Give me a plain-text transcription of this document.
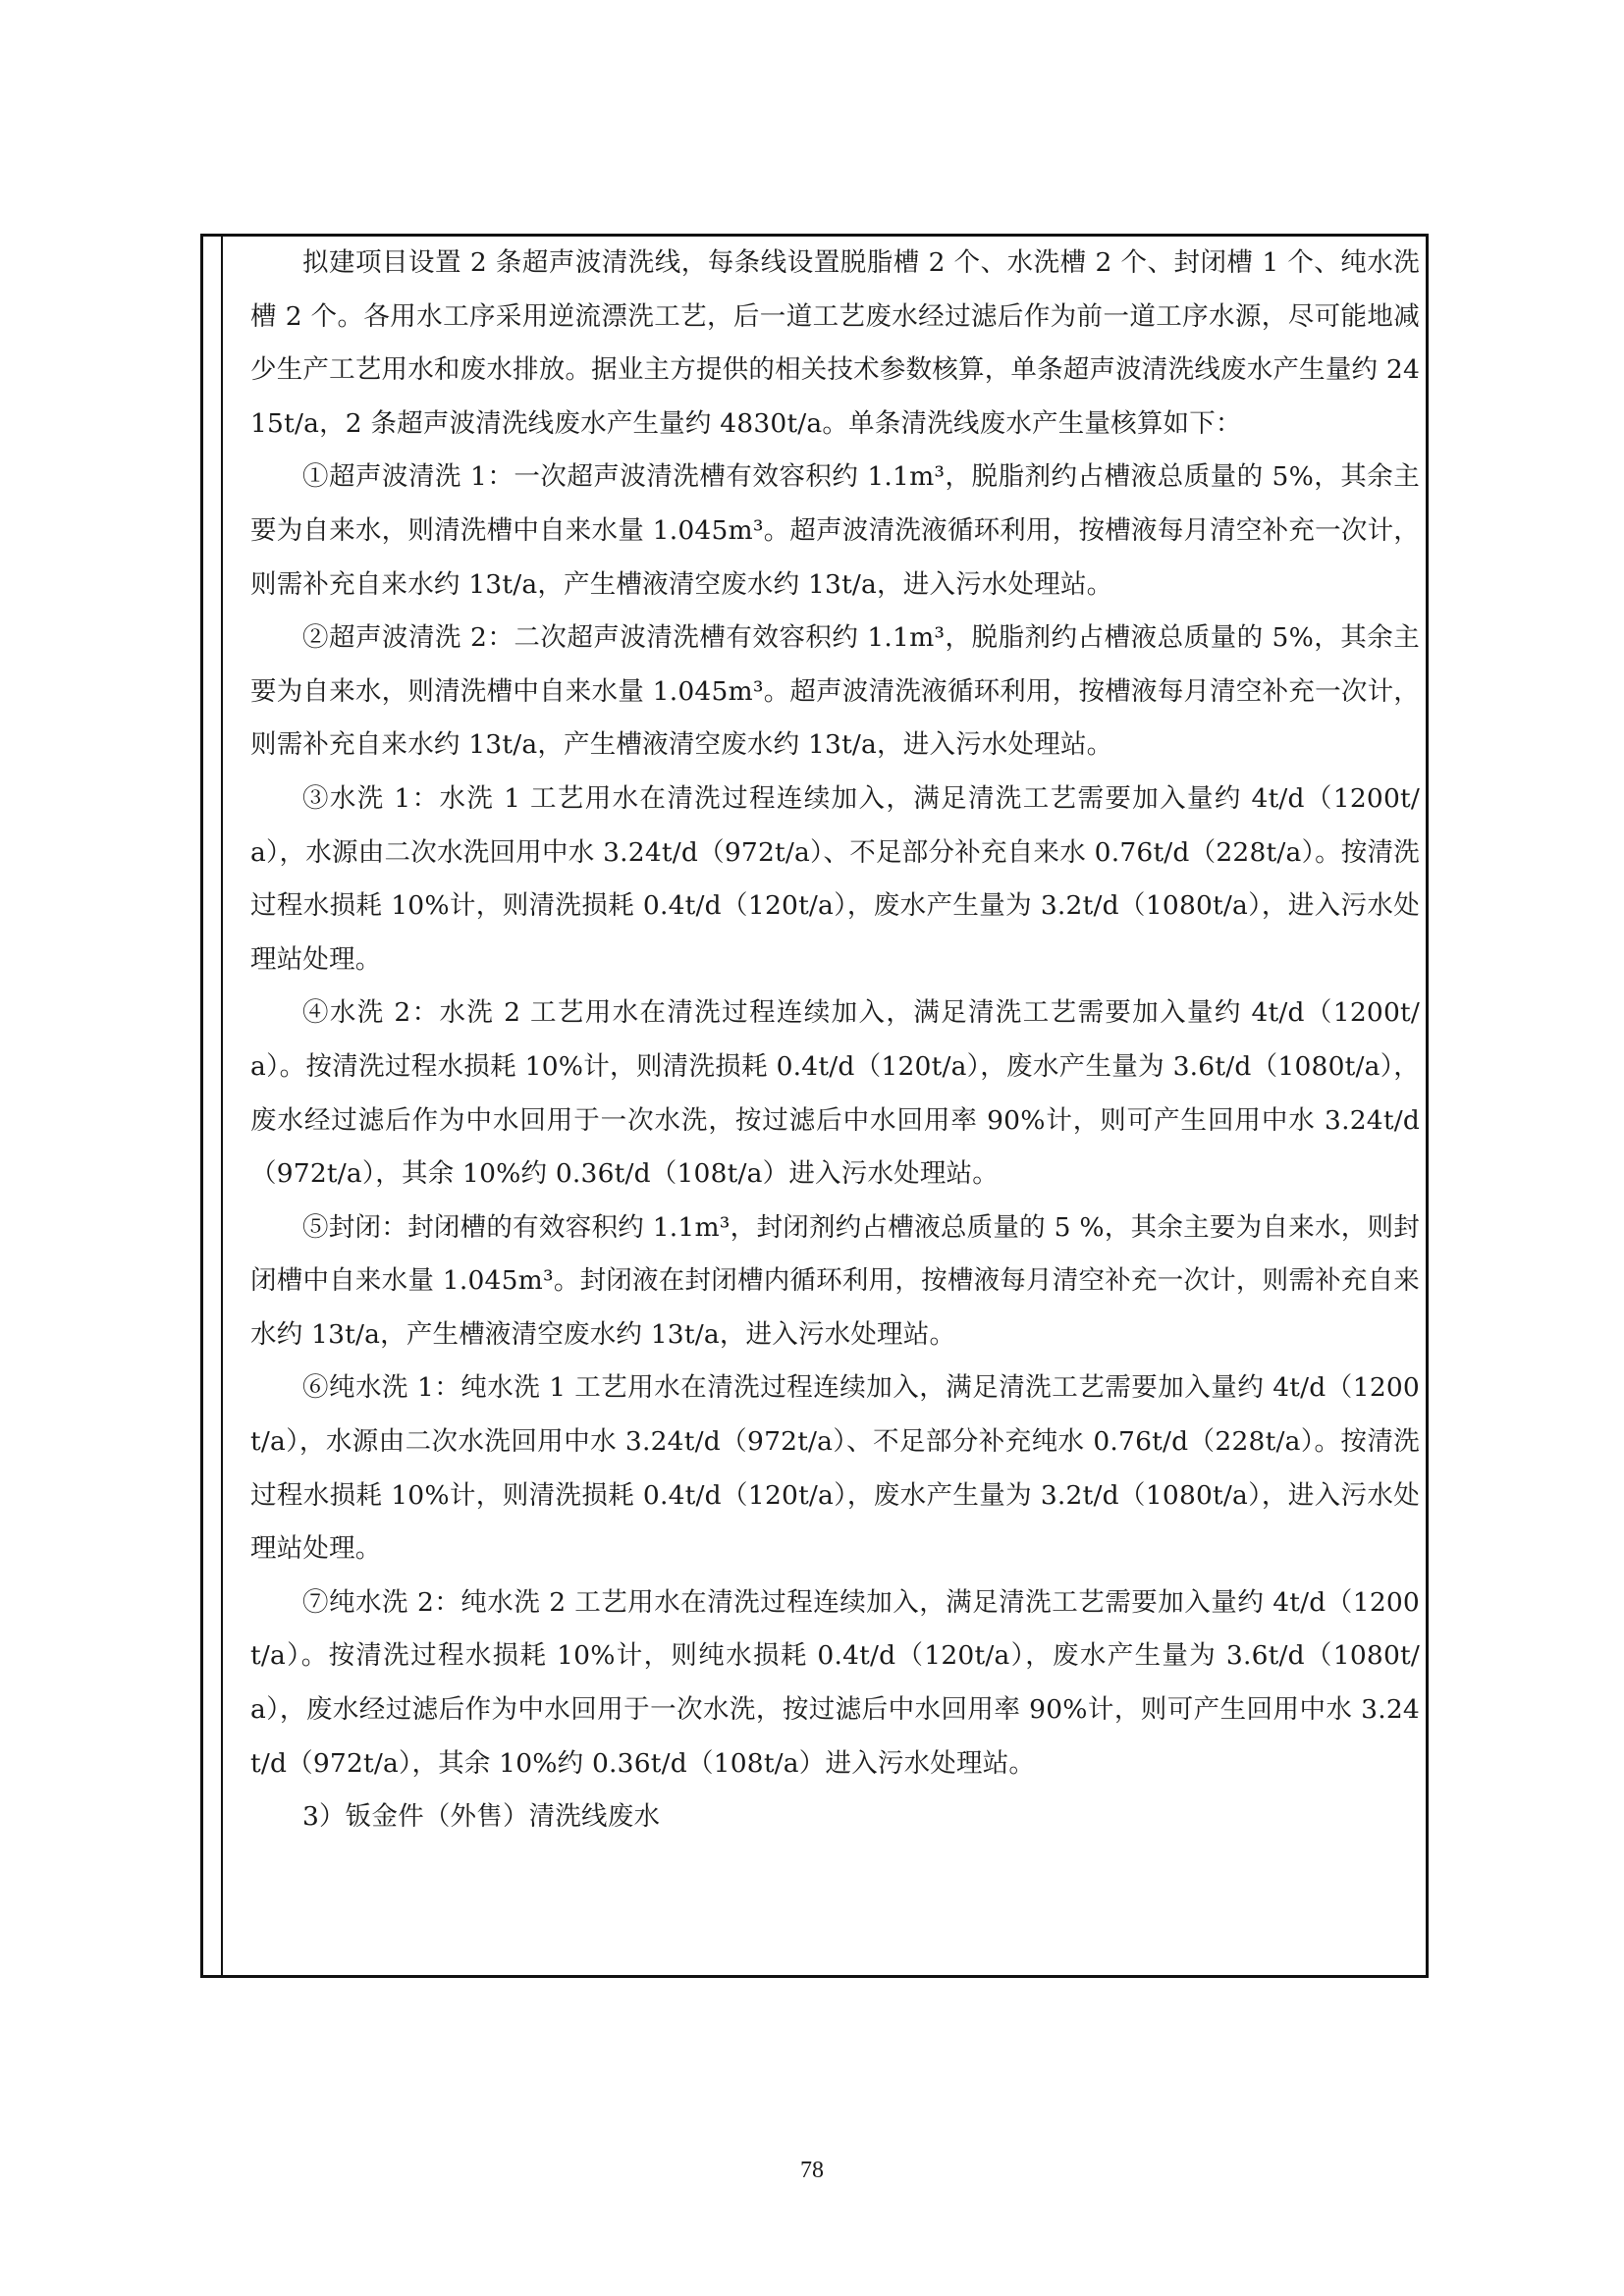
拟建项目设置 2 条超声波清洗线，每条线设置脱脂槽 2 个、水洗槽 2 个、封闭槽 1 个、纯水洗槽 2 个。各用水工序采用逆流漂洗工艺，后一道工艺废水经过滤后作为前一道工序水源，尽可能地减少生产工艺用水和废水排放。据业主方提供的相关技术参数核算，单条超声波清洗线废水产生量约 2415t/a，2 条超声波清洗线废水产生量约 4830t/a。单条清洗线废水产生量核算如下：

①超声波清洗 1：一次超声波清洗槽有效容积约 1.1m³，脱脂剂约占槽液总质量的 5%，其余主要为自来水，则清洗槽中自来水量 1.045m³。超声波清洗液循环利用，按槽液每月清空补充一次计，则需补充自来水约 13t/a，产生槽液清空废水约 13t/a，进入污水处理站。

②超声波清洗 2：二次超声波清洗槽有效容积约 1.1m³，脱脂剂约占槽液总质量的 5%，其余主要为自来水，则清洗槽中自来水量 1.045m³。超声波清洗液循环利用，按槽液每月清空补充一次计，则需补充自来水约 13t/a，产生槽液清空废水约 13t/a，进入污水处理站。

③水洗 1：水洗 1 工艺用水在清洗过程连续加入，满足清洗工艺需要加入量约 4t/d（1200t/a），水源由二次水洗回用中水 3.24t/d（972t/a）、不足部分补充自来水 0.76t/d（228t/a）。按清洗过程水损耗 10%计，则清洗损耗 0.4t/d（120t/a），废水产生量为 3.2t/d（1080t/a），进入污水处理站处理。

④水洗 2：水洗 2 工艺用水在清洗过程连续加入，满足清洗工艺需要加入量约 4t/d（1200t/a）。按清洗过程水损耗 10%计，则清洗损耗 0.4t/d（120t/a），废水产生量为 3.6t/d（1080t/a），废水经过滤后作为中水回用于一次水洗，按过滤后中水回用率 90%计，则可产生回用中水 3.24t/d（972t/a），其余 10%约 0.36t/d（108t/a）进入污水处理站。

⑤封闭：封闭槽的有效容积约 1.1m³，封闭剂约占槽液总质量的 5 %，其余主要为自来水，则封闭槽中自来水量 1.045m³。封闭液在封闭槽内循环利用，按槽液每月清空补充一次计，则需补充自来水约 13t/a，产生槽液清空废水约 13t/a，进入污水处理站。

⑥纯水洗 1：纯水洗 1 工艺用水在清洗过程连续加入，满足清洗工艺需要加入量约 4t/d（1200t/a），水源由二次水洗回用中水 3.24t/d（972t/a）、不足部分补充纯水 0.76t/d（228t/a）。按清洗过程水损耗 10%计，则清洗损耗 0.4t/d（120t/a），废水产生量为 3.2t/d（1080t/a），进入污水处理站处理。

⑦纯水洗 2：纯水洗 2 工艺用水在清洗过程连续加入，满足清洗工艺需要加入量约 4t/d（1200t/a）。按清洗过程水损耗 10%计，则纯水损耗 0.4t/d（120t/a），废水产生量为 3.6t/d（1080t/a），废水经过滤后作为中水回用于一次水洗，按过滤后中水回用率 90%计，则可产生回用中水 3.24t/d（972t/a），其余 10%约 0.36t/d（108t/a）进入污水处理站。

3）钣金件（外售）清洗线废水

78
